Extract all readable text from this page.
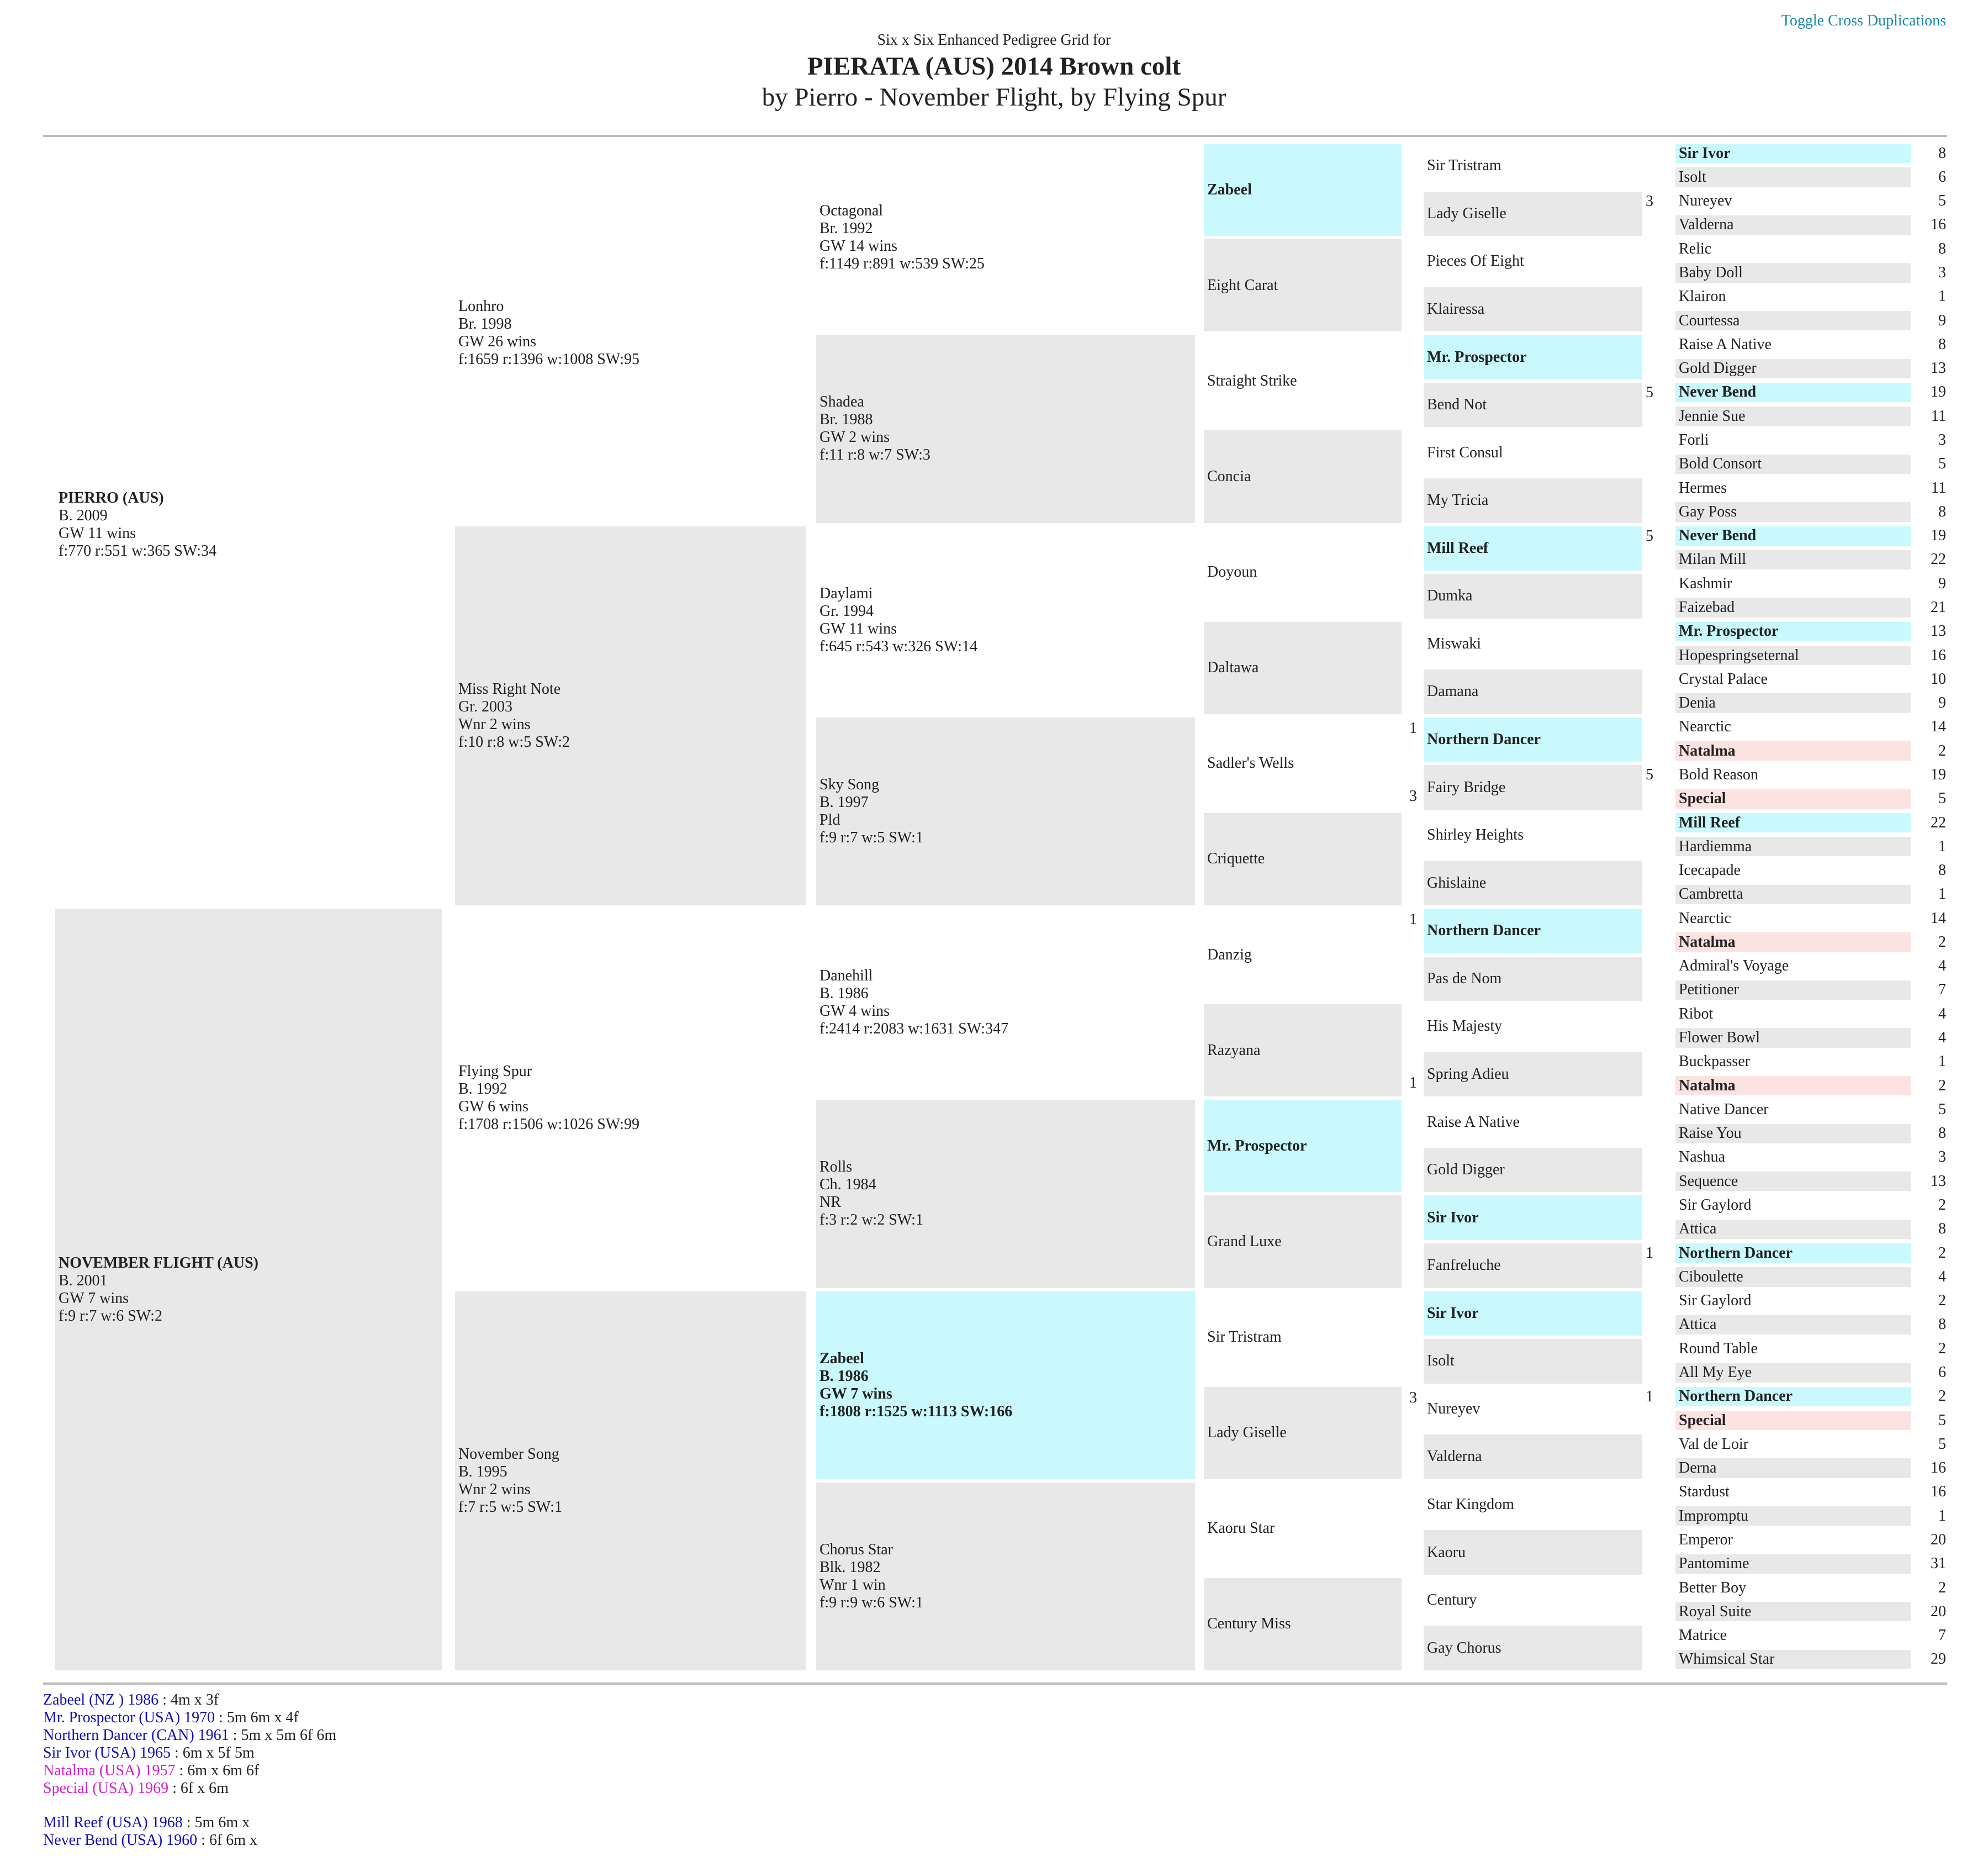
Toggle Cross Duplications
Six x Six Enhanced Pedigree Grid for
PIERATA (AUS) 2014 Brown colt
by Pierro - November Flight, by Flying Spur
PIERRO (AUS)
B. 2009
GW 11 wins
f:770 r:551 w:365 SW:34
NOVEMBER FLIGHT (AUS)
B. 2001
GW 7 wins
f:9 r:7 w:6 SW:2
Lonhro
Br. 1998
GW 26 wins
f:1659 r:1396 w:1008 SW:95
Miss Right Note
Gr. 2003
Wnr 2 wins
f:10 r:8 w:5 SW:2
Flying Spur
B. 1992
GW 6 wins
f:1708 r:1506 w:1026 SW:99
November Song
B. 1995
Wnr 2 wins
f:7 r:5 w:5 SW:1
Octagonal
Br. 1992
GW 14 wins
f:1149 r:891 w:539 SW:25
Shadea
Br. 1988
GW 2 wins
f:11 r:8 w:7 SW:3
Daylami
Gr. 1994
GW 11 wins
f:645 r:543 w:326 SW:14
Sky Song
B. 1997
Pld
f:9 r:7 w:5 SW:1
Danehill
B. 1986
GW 4 wins
f:2414 r:2083 w:1631 SW:347
Rolls
Ch. 1984
NR
f:3 r:2 w:2 SW:1
Zabeel
B. 1986
GW 7 wins
f:1808 r:1525 w:1113 SW:166
Chorus Star
Blk. 1982
Wnr 1 win
f:9 r:9 w:6 SW:1
Zabeel
Eight Carat
Straight Strike
Concia
Doyoun
Daltawa
Sadler's Wells
Criquette
Danzig
Razyana
Mr. Prospector
Grand Luxe
Sir Tristram
Lady Giselle
Kaoru Star
Century Miss
Sir Tristram
3
Lady Giselle
Pieces Of Eight
Klairessa
Mr. Prospector
5
Bend Not
First Consul
My Tricia
5
Mill Reef
Dumka
Miswaki
Damana
Northern Dancer
5
Fairy Bridge
Shirley Heights
Ghislaine
Northern Dancer
Pas de Nom
His Majesty
Spring Adieu
Raise A Native
Gold Digger
Sir Ivor
1
Fanfreluche
Sir Ivor
Isolt
1
Nureyev
Valderna
Star Kingdom
Kaoru
Century
Gay Chorus
8
Sir Ivor
6
Isolt
5
Nureyev
16
Valderna
8
Relic
3
Baby Doll
1
Klairon
9
Courtessa
8
Raise A Native
13
Gold Digger
19
Never Bend
11
Jennie Sue
3
Forli
5
Bold Consort
11
Hermes
8
Gay Poss
19
Never Bend
22
Milan Mill
9
Kashmir
21
Faizebad
13
Mr. Prospector
16
Hopespringseternal
10
Crystal Palace
9
Denia
14
Nearctic
2
Natalma
19
Bold Reason
5
Special
22
Mill Reef
1
Hardiemma
8
Icecapade
1
Cambretta
14
Nearctic
2
Natalma
4
Admiral's Voyage
7
Petitioner
4
Ribot
4
Flower Bowl
1
Buckpasser
2
Natalma
5
Native Dancer
8
Raise You
3
Nashua
13
Sequence
2
Sir Gaylord
8
Attica
2
Northern Dancer
4
Ciboulette
2
Sir Gaylord
8
Attica
2
Round Table
6
All My Eye
2
Northern Dancer
5
Special
5
Val de Loir
16
Derna
16
Stardust
1
Impromptu
20
Emperor
31
Pantomime
2
Better Boy
20
Royal Suite
7
Matrice
29
Whimsical Star
1
3
1
1
3
Zabeel (NZ ) 1986 : 4m x 3f
Mr. Prospector (USA) 1970 : 5m 6m x 4f
Northern Dancer (CAN) 1961 : 5m x 5m 6f 6m
Sir Ivor (USA) 1965 : 6m x 5f 5m
Natalma (USA) 1957 : 6m x 6m 6f
Special (USA) 1969 : 6f x 6m
Mill Reef (USA) 1968 : 5m 6m x
Never Bend (USA) 1960 : 6f 6m x
